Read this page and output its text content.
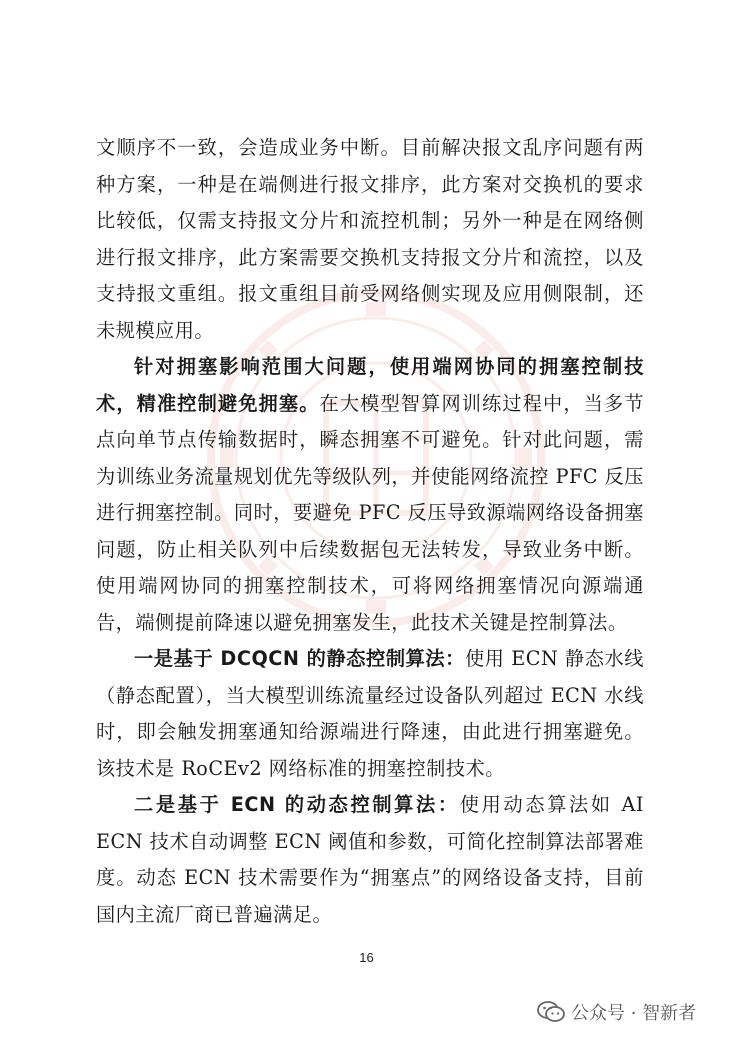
文顺序不一致，会造成业务中断。目前解决报文乱序问题有两种方案，一种是在端侧进行报文排序，此方案对交换机的要求比较低，仅需支持报文分片和流控机制；另外一种是在网络侧进行报文排序，此方案需要交换机支持报文分片和流控，以及支持报文重组。报文重组目前受网络侧实现及应用侧限制，还未规模应用。

针对拥塞影响范围大问题，使用端网协同的拥塞控制技术，精准控制避免拥塞。在大模型智算网训练过程中，当多节点向单节点传输数据时，瞬态拥塞不可避免。针对此问题，需为训练业务流量规划优先等级队列，并使能网络流控 PFC 反压进行拥塞控制。同时，要避免 PFC 反压导致源端网络设备拥塞问题，防止相关队列中后续数据包无法转发，导致业务中断。使用端网协同的拥塞控制技术，可将网络拥塞情况向源端通告，端侧提前降速以避免拥塞发生，此技术关键是控制算法。

一是基于 DCQCN 的静态控制算法：使用 ECN 静态水线（静态配置），当大模型训练流量经过设备队列超过 ECN 水线时，即会触发拥塞通知给源端进行降速，由此进行拥塞避免。该技术是 RoCEv2 网络标准的拥塞控制技术。

二是基于 ECN 的动态控制算法：使用动态算法如 AI ECN 技术自动调整 ECN 阈值和参数，可简化控制算法部署难度。动态 ECN 技术需要作为“拥塞点”的网络设备支持，目前国内主流厂商已普遍满足。

16
公众号 · 智新者
